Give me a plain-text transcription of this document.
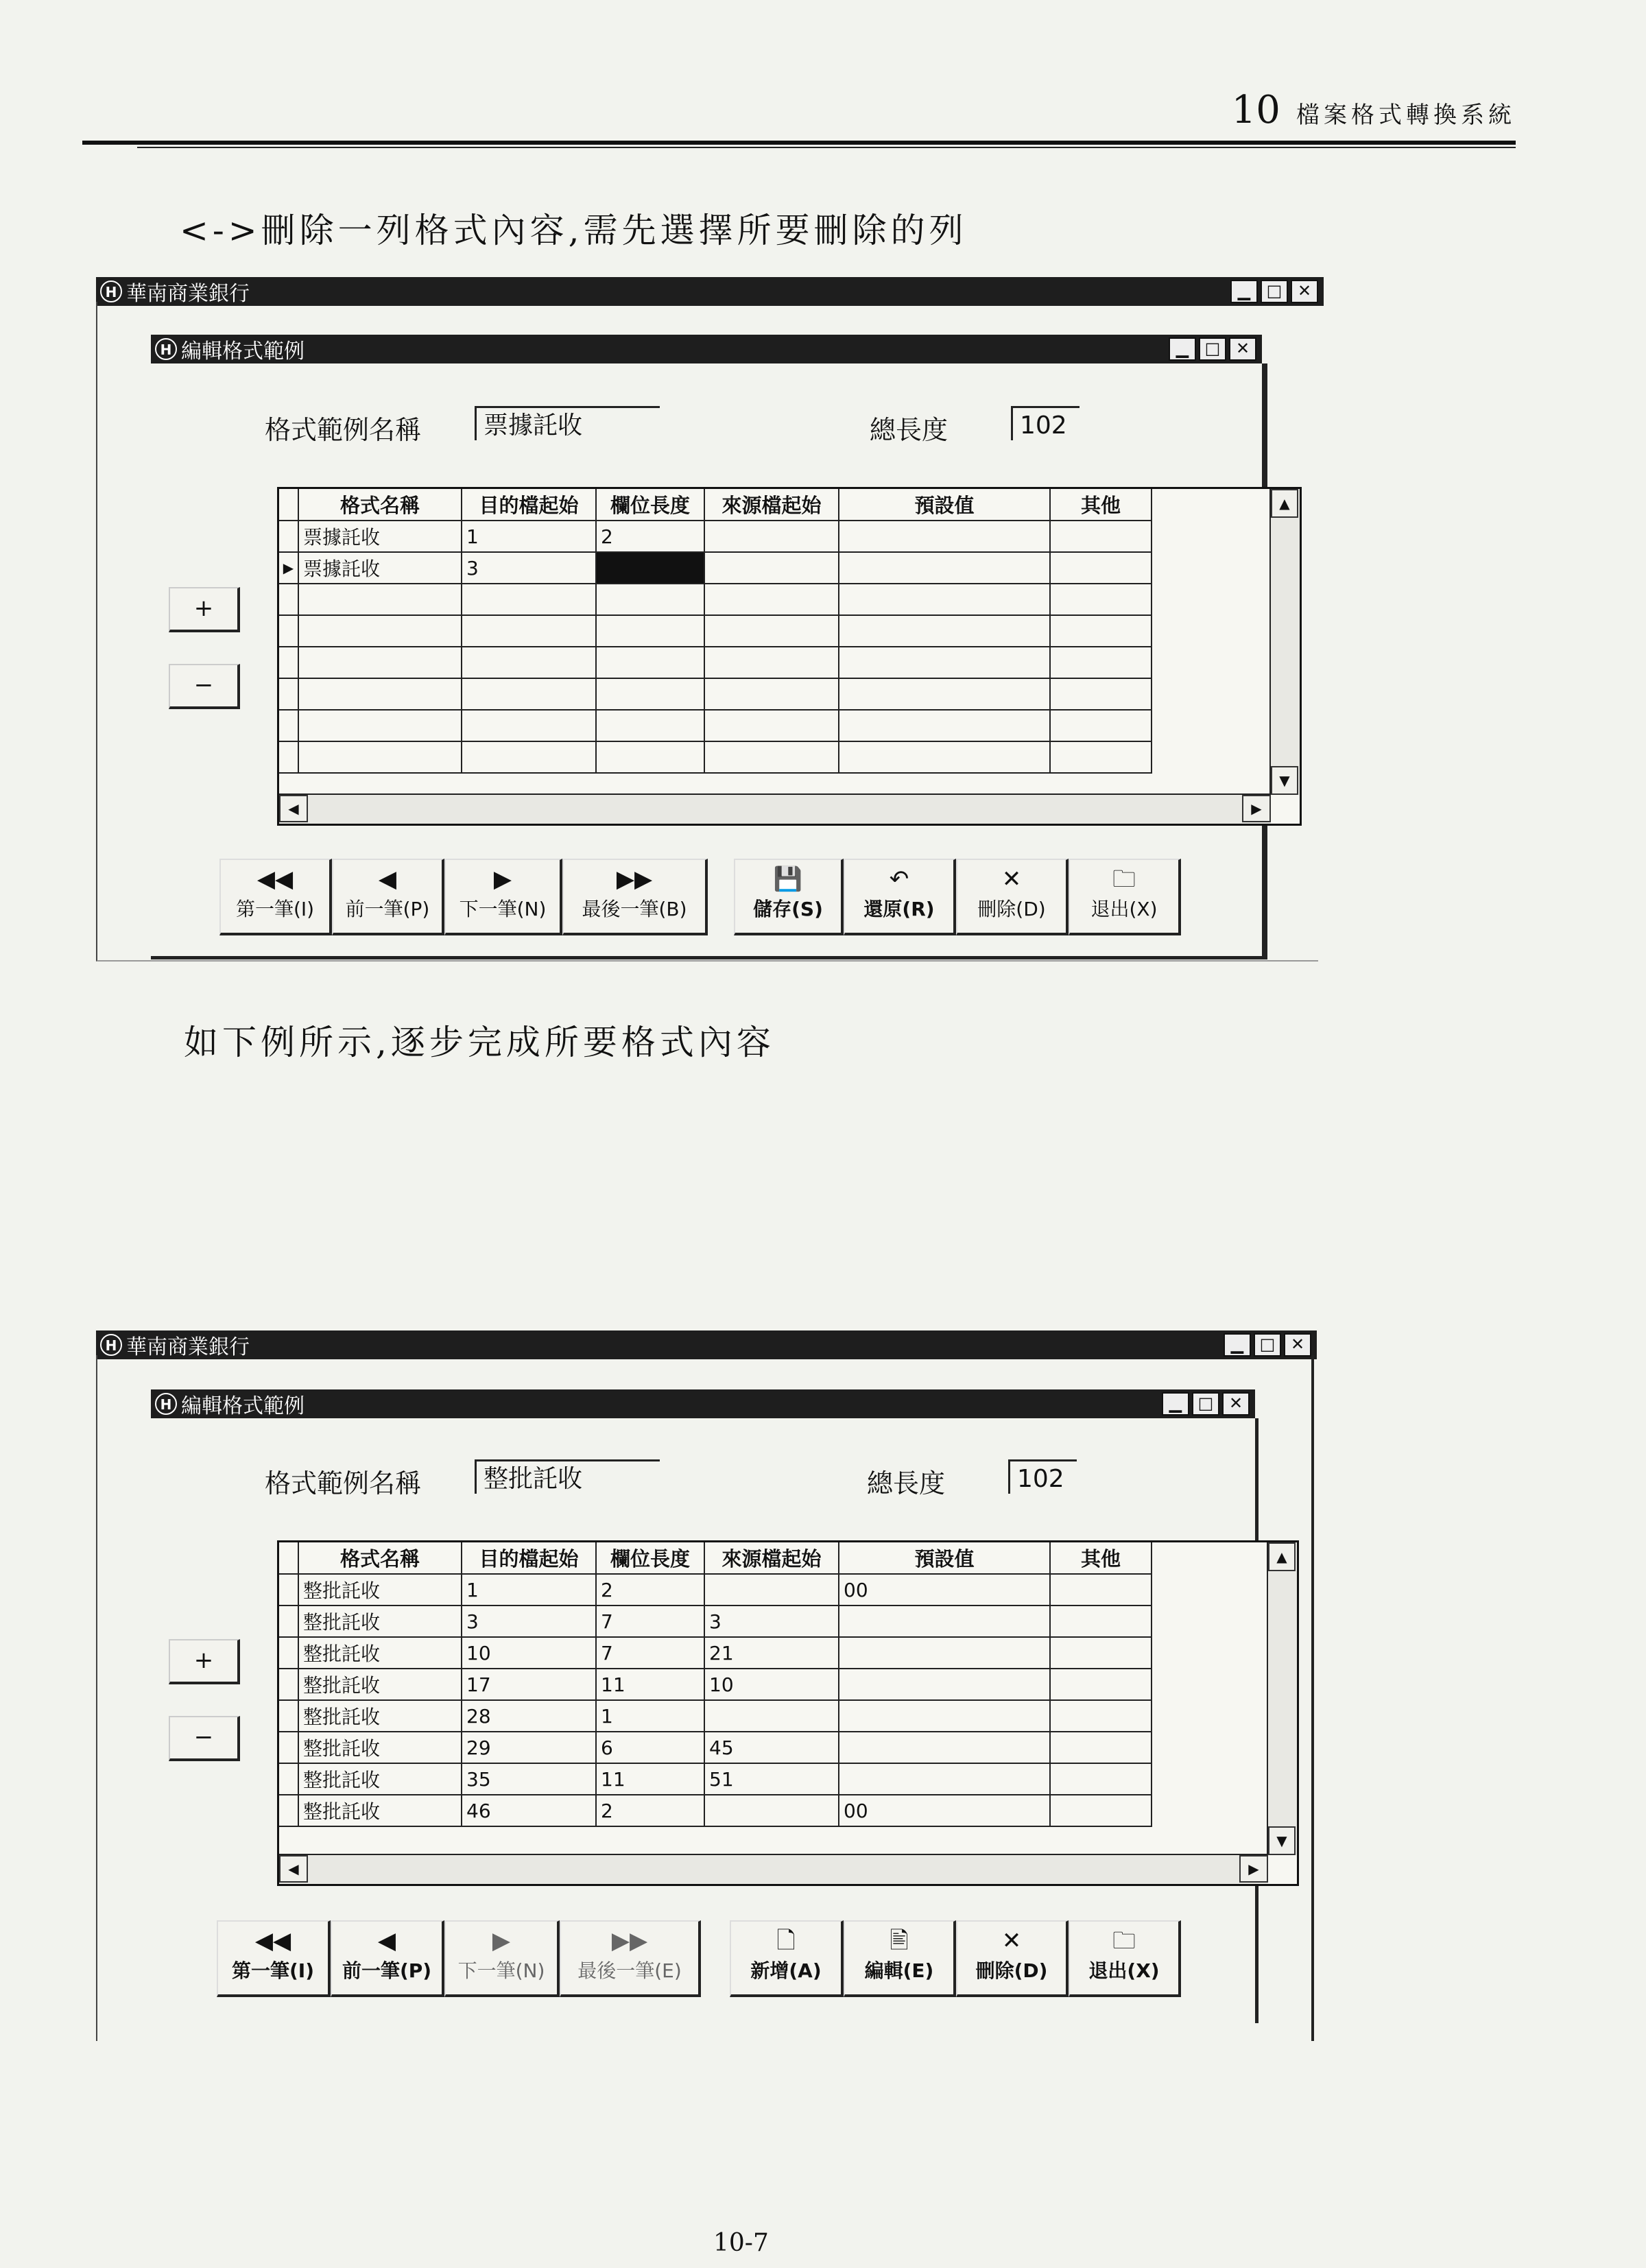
10 檔案格式轉換系統
<->刪除一列格式內容,需先選擇所要刪除的列
H 華南商業銀行	▁ □ ✕
H 編輯格式範例	▁ □ ✕
格式範例名稱	票據託收	總長度	102
+
−
	格式名稱	目的檔起始	欄位長度	來源檔起始	預設值	其他
	票據託收	1	2			
▶	票據託收	3				

▲
▼
◀	▶
◀◀
第一筆(I)
◀
前一筆(P)
▶
下一筆(N)
▶▶
最後一筆(B)
💾
儲存(S)
↶
還原(R)
✕
刪除(D)
🗀
退出(X)
如下例所示,逐步完成所要格式內容
H 華南商業銀行	▁ □ ✕
H 編輯格式範例	▁ □ ✕
格式範例名稱	整批託收	總長度	102
+
−
	格式名稱	目的檔起始	欄位長度	來源檔起始	預設值	其他
	整批託收	1	2		00	
	整批託收	3	7	3		
	整批託收	10	7	21		
	整批託收	17	11	10		
	整批託收	28	1			
	整批託收	29	6	45		
	整批託收	35	11	51		
	整批託收	46	2		00	
▲
▼
◀	▶
◀◀
第一筆(I)
◀
前一筆(P)
▶
下一筆(N)
▶▶
最後一筆(E)
🗋
新增(A)
🖹
編輯(E)
✕
刪除(D)
🗀
退出(X)
10-7
